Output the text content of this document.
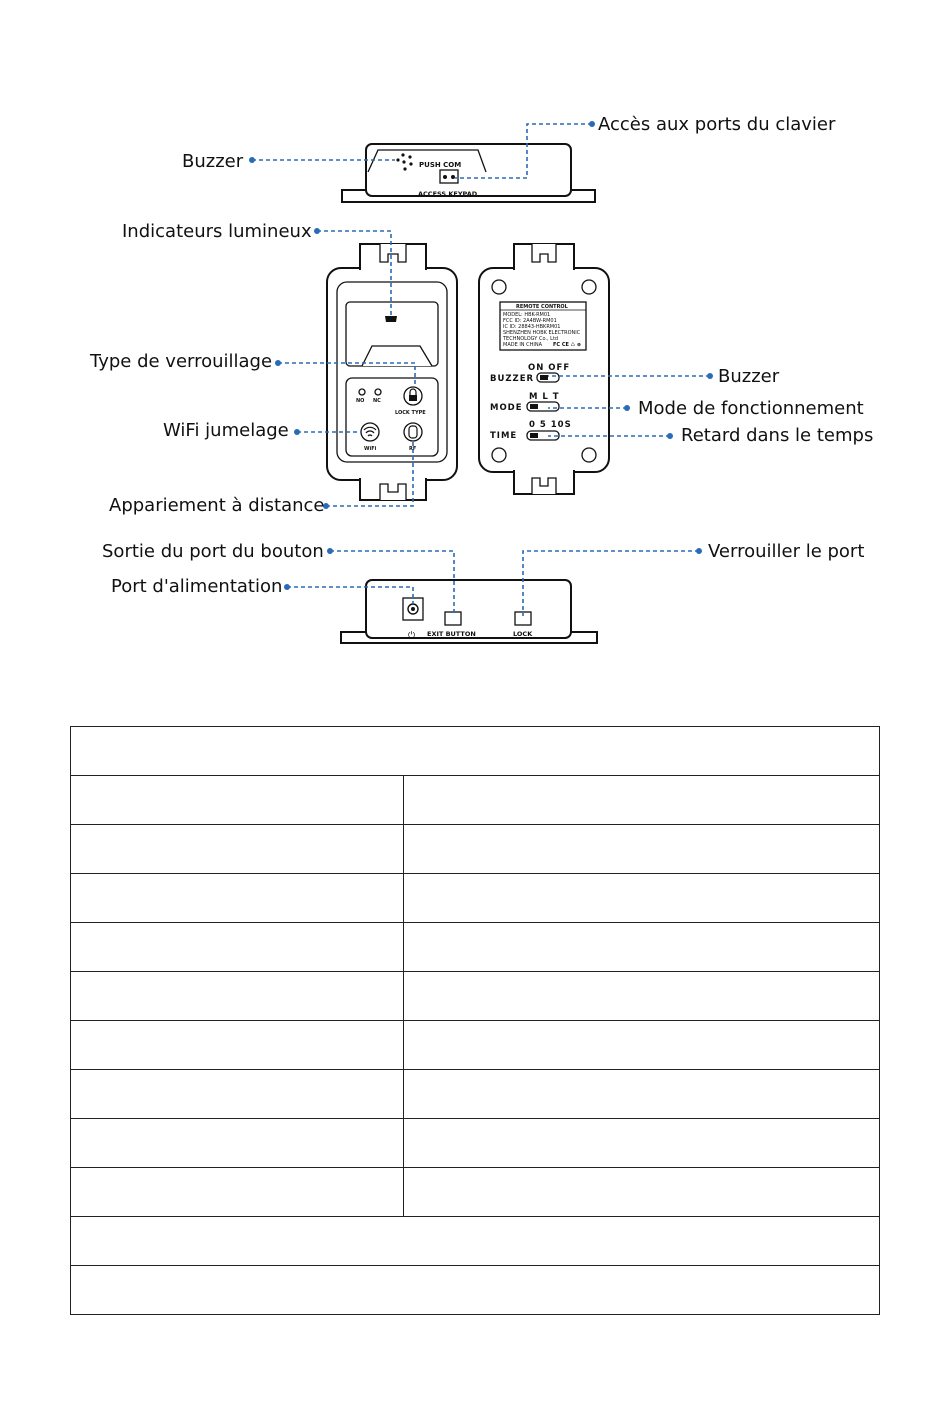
PUSH COM
ACCESS KEYPAD
NO NC
LOCK TYPE
WiFi	RF
REMOTE CONTROL
MODEL: HBK-RM01
FCC ID: 2A4BW-RM01
IC ID: 28843-HBKRM01
SHENZHEN HOBK ELECTRONIC
TECHNOLOGY Co., Ltd
MADE IN CHINA FC CE ♺ ⊕
ON OFF
BUZZER
M L T
MODE
0 5 10S
TIME
⏻ EXIT BUTTON	LOCK
Buzzer
Accès aux ports du clavier
Indicateurs lumineux
Type de verrouillage
WiFi jumelage
Appariement à distance
Buzzer
Mode de fonctionnement
Retard dans le temps
Sortie du port du bouton
Port d'alimentation
Verrouiller le port
